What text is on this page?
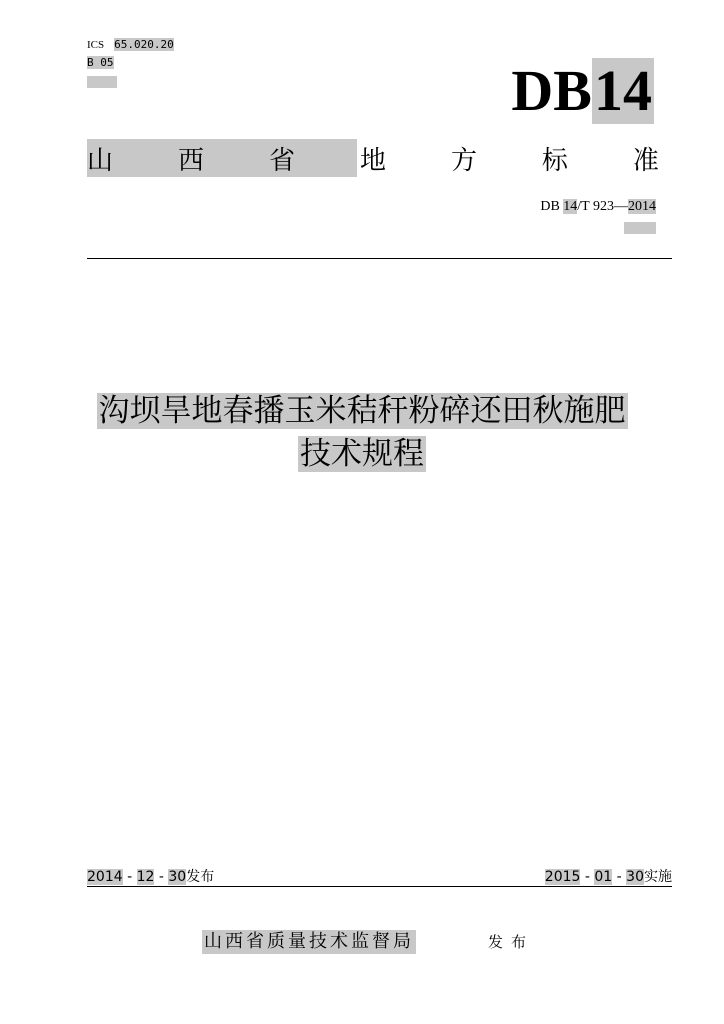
ICS 65.020.20
B 05	DB 14
山 西 省 地 方 标 准
DB 14/T 923—2014
沟坝旱地春播玉米秸秆粉碎还田秋施肥
技术规程
2014 - 12 - 30发布	2015 - 01 - 30实施
山西省质量技术监督局	发布
